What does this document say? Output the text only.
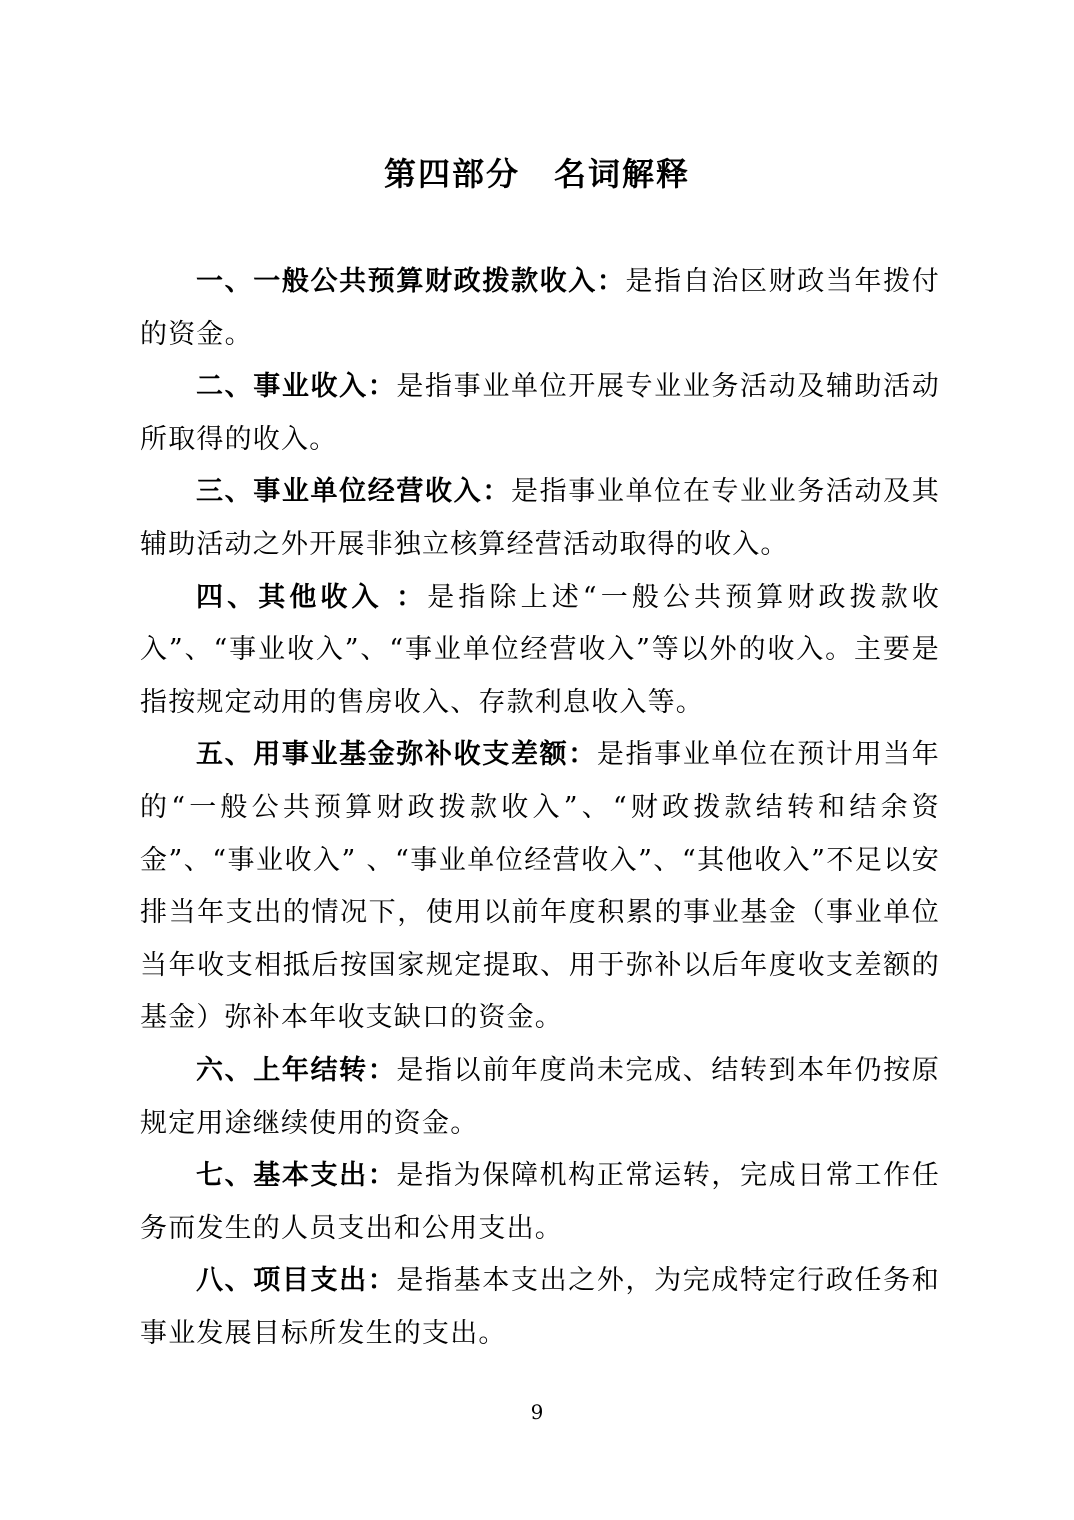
第四部分　名词解释

一、一般公共预算财政拨款收入：是指自治区财政当年拨付的资金。

二、事业收入：是指事业单位开展专业业务活动及辅助活动所取得的收入。

三、事业单位经营收入：是指事业单位在专业业务活动及其辅助活动之外开展非独立核算经营活动取得的收入。

四、其他收入 ：是指除上述“一般公共预算财政拨款收入”、“事业收入”、“事业单位经营收入”等以外的收入。主要是指按规定动用的售房收入、存款利息收入等。

五、用事业基金弥补收支差额：是指事业单位在预计用当年的“一般公共预算财政拨款收入”、“财政拨款结转和结余资金”、“事业收入” 、“事业单位经营收入”、“其他收入”不足以安排当年支出的情况下，使用以前年度积累的事业基金（事业单位当年收支相抵后按国家规定提取、用于弥补以后年度收支差额的基金）弥补本年收支缺口的资金。

六、上年结转：是指以前年度尚未完成、结转到本年仍按原规定用途继续使用的资金。

七、基本支出：是指为保障机构正常运转，完成日常工作任务而发生的人员支出和公用支出。

八、项目支出：是指基本支出之外，为完成特定行政任务和事业发展目标所发生的支出。

9
